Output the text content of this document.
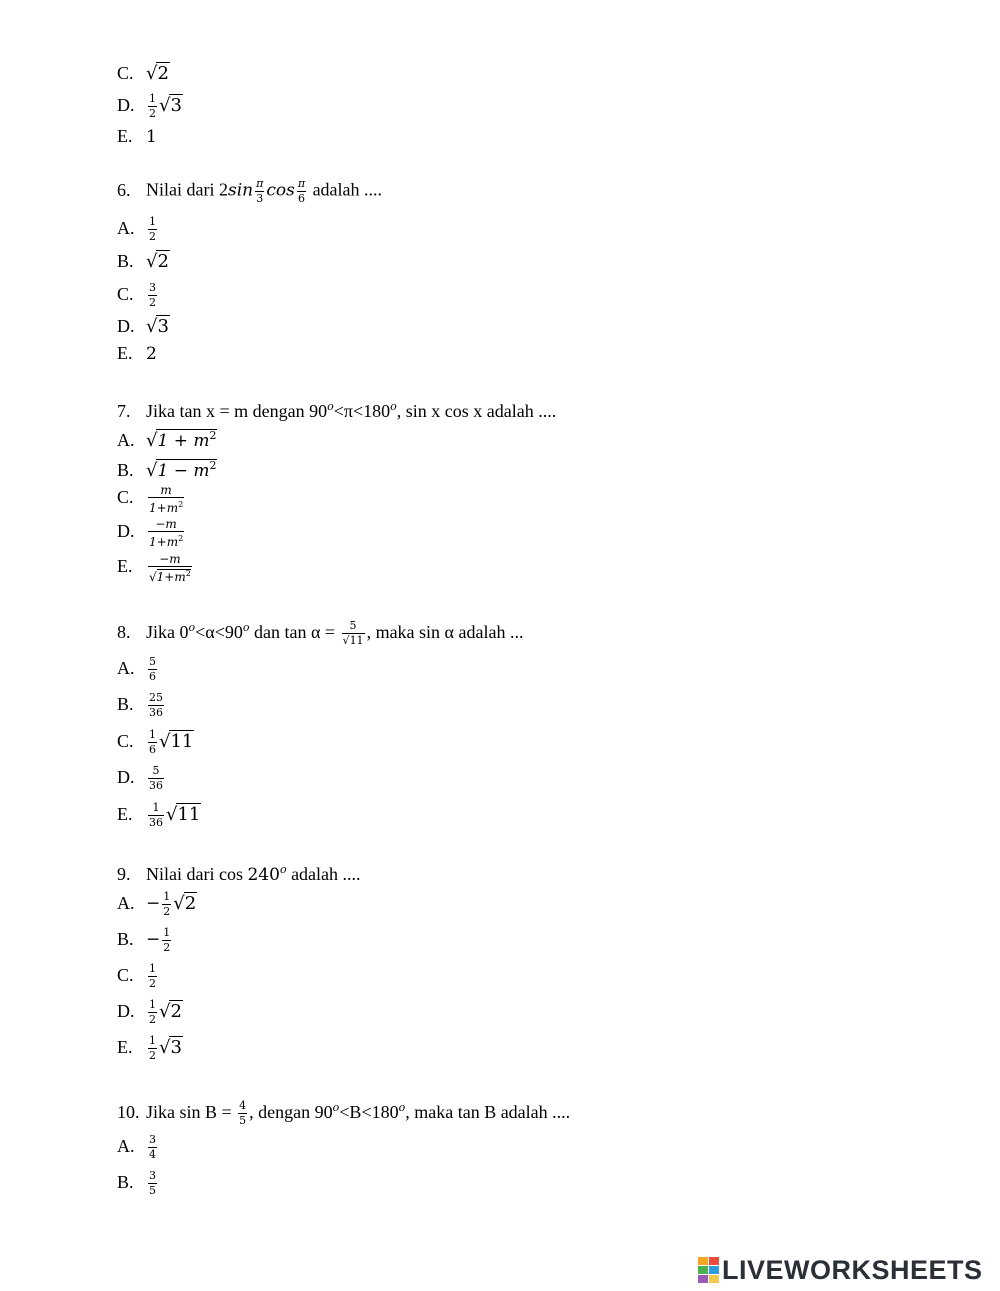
C. √2
D. $\frac{1}{2} √3$
E. 1
6. Nilai dari $2\sin \frac{\pi}{3}$ $\cos \frac{\pi}{6}$ adalah ....
A. $\frac{1}{2}$
B. √2
C. $\frac{3}{2}$
D. √3
E. 2
7. Jika tan x = m dengan $90^o<\pi<180^o$, sin x cos x adalah ....
A. $√1 + m^2$
B. $√1 - m^2$
C. $\frac{m}{1+m^2}$
D. $\frac{-m}{1+m^2}$
E. $\frac{-m}{√1+m^2}$
8. Jika $0^o<\alpha<90^o$ dan $\tan \alpha = \frac{5}{√11}$ , maka sin α adalah ...
A. $\frac{5}{6}$
B. $\frac{25}{36}$
C. $\frac{1}{6} √11$
D. $\frac{5}{36}$
E. $\frac{1}{36} √11$
9. Nilai dari cos 240$^o$ adalah ....
A. − $\frac{1}{2} √2$
B. − $\frac{1}{2}$
C. $\frac{1}{2}$
D. $\frac{1}{2} √2$
E. $\frac{1}{2} √3$
10. Jika $\sin B = \frac{4}{5}$ , dengan $90^o<B<180^o$, maka tan B adalah ....
A. $\frac{3}{4}$
B. $\frac{3}{5}$
LIVEWORKSHEETS
